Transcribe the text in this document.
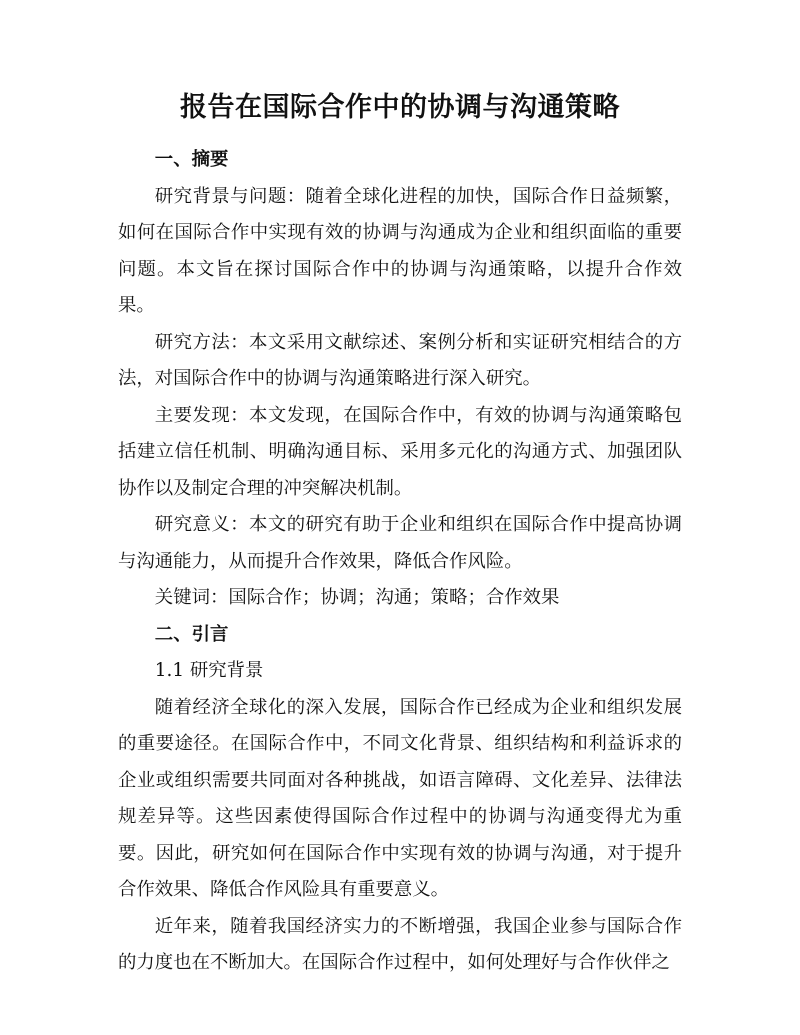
报告在国际合作中的协调与沟通策略

一、摘要

研究背景与问题：随着全球化进程的加快，国际合作日益频繁，如何在国际合作中实现有效的协调与沟通成为企业和组织面临的重要问题。本文旨在探讨国际合作中的协调与沟通策略，以提升合作效果。

研究方法：本文采用文献综述、案例分析和实证研究相结合的方法，对国际合作中的协调与沟通策略进行深入研究。

主要发现：本文发现，在国际合作中，有效的协调与沟通策略包括建立信任机制、明确沟通目标、采用多元化的沟通方式、加强团队协作以及制定合理的冲突解决机制。

研究意义：本文的研究有助于企业和组织在国际合作中提高协调与沟通能力，从而提升合作效果，降低合作风险。

关键词：国际合作；协调；沟通；策略；合作效果

二、引言

1.1 研究背景

随着经济全球化的深入发展，国际合作已经成为企业和组织发展的重要途径。在国际合作中，不同文化背景、组织结构和利益诉求的企业或组织需要共同面对各种挑战，如语言障碍、文化差异、法律法规差异等。这些因素使得国际合作过程中的协调与沟通变得尤为重要。因此，研究如何在国际合作中实现有效的协调与沟通，对于提升合作效果、降低合作风险具有重要意义。

近年来，随着我国经济实力的不断增强，我国企业参与国际合作的力度也在不断加大。在国际合作过程中，如何处理好与合作伙伴之
